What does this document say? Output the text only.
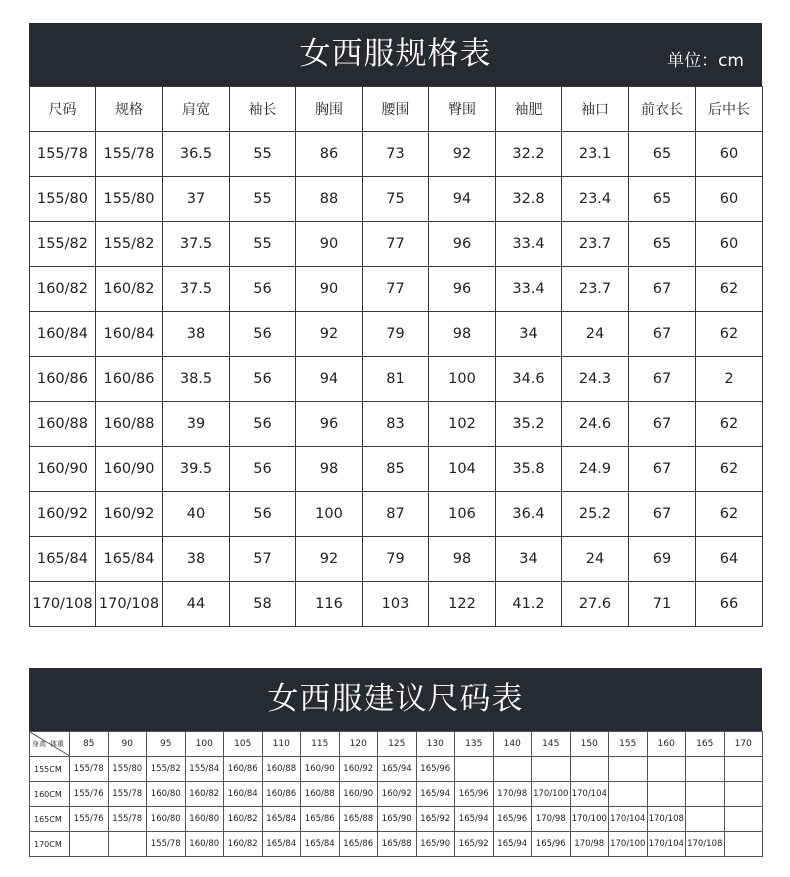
女西服规格表	单位：cm
尺码	规格	肩宽	袖长	胸围	腰围	臀围	袖肥	袖口	前衣长	后中长
155/78	155/78	36.5	55	86	73	92	32.2	23.1	65	60
155/80	155/80	37	55	88	75	94	32.8	23.4	65	60
155/82	155/82	37.5	55	90	77	96	33.4	23.7	65	60
160/82	160/82	37.5	56	90	77	96	33.4	23.7	67	62
160/84	160/84	38	56	92	79	98	34	24	67	62
160/86	160/86	38.5	56	94	81	100	34.6	24.3	67	2
160/88	160/88	39	56	96	83	102	35.2	24.6	67	62
160/90	160/90	39.5	56	98	85	104	35.8	24.9	67	62
160/92	160/92	40	56	100	87	106	36.4	25.2	67	62
165/84	165/84	38	57	92	79	98	34	24	69	64
170/108	170/108	44	58	116	103	122	41.2	27.6	71	66
女西服建议尺码表
身高 体重	85	90	95	100	105	110	115	120	125	130	135	140	145	150	155	160	165	170
155CM	155/78	155/80	155/82	155/84	160/86	160/88	160/90	160/92	165/94	165/96								
160CM	155/76	155/78	160/80	160/82	160/84	160/86	160/88	160/90	160/92	165/94	165/96	170/98	170/100	170/104				
165CM	155/76	155/78	160/80	160/80	160/82	165/84	165/86	165/88	165/90	165/92	165/94	165/96	170/98	170/100	170/104	170/108		
170CM			155/78	160/80	160/82	165/84	165/84	165/86	165/88	165/90	165/92	165/94	165/96	170/98	170/100	170/104	170/108	
